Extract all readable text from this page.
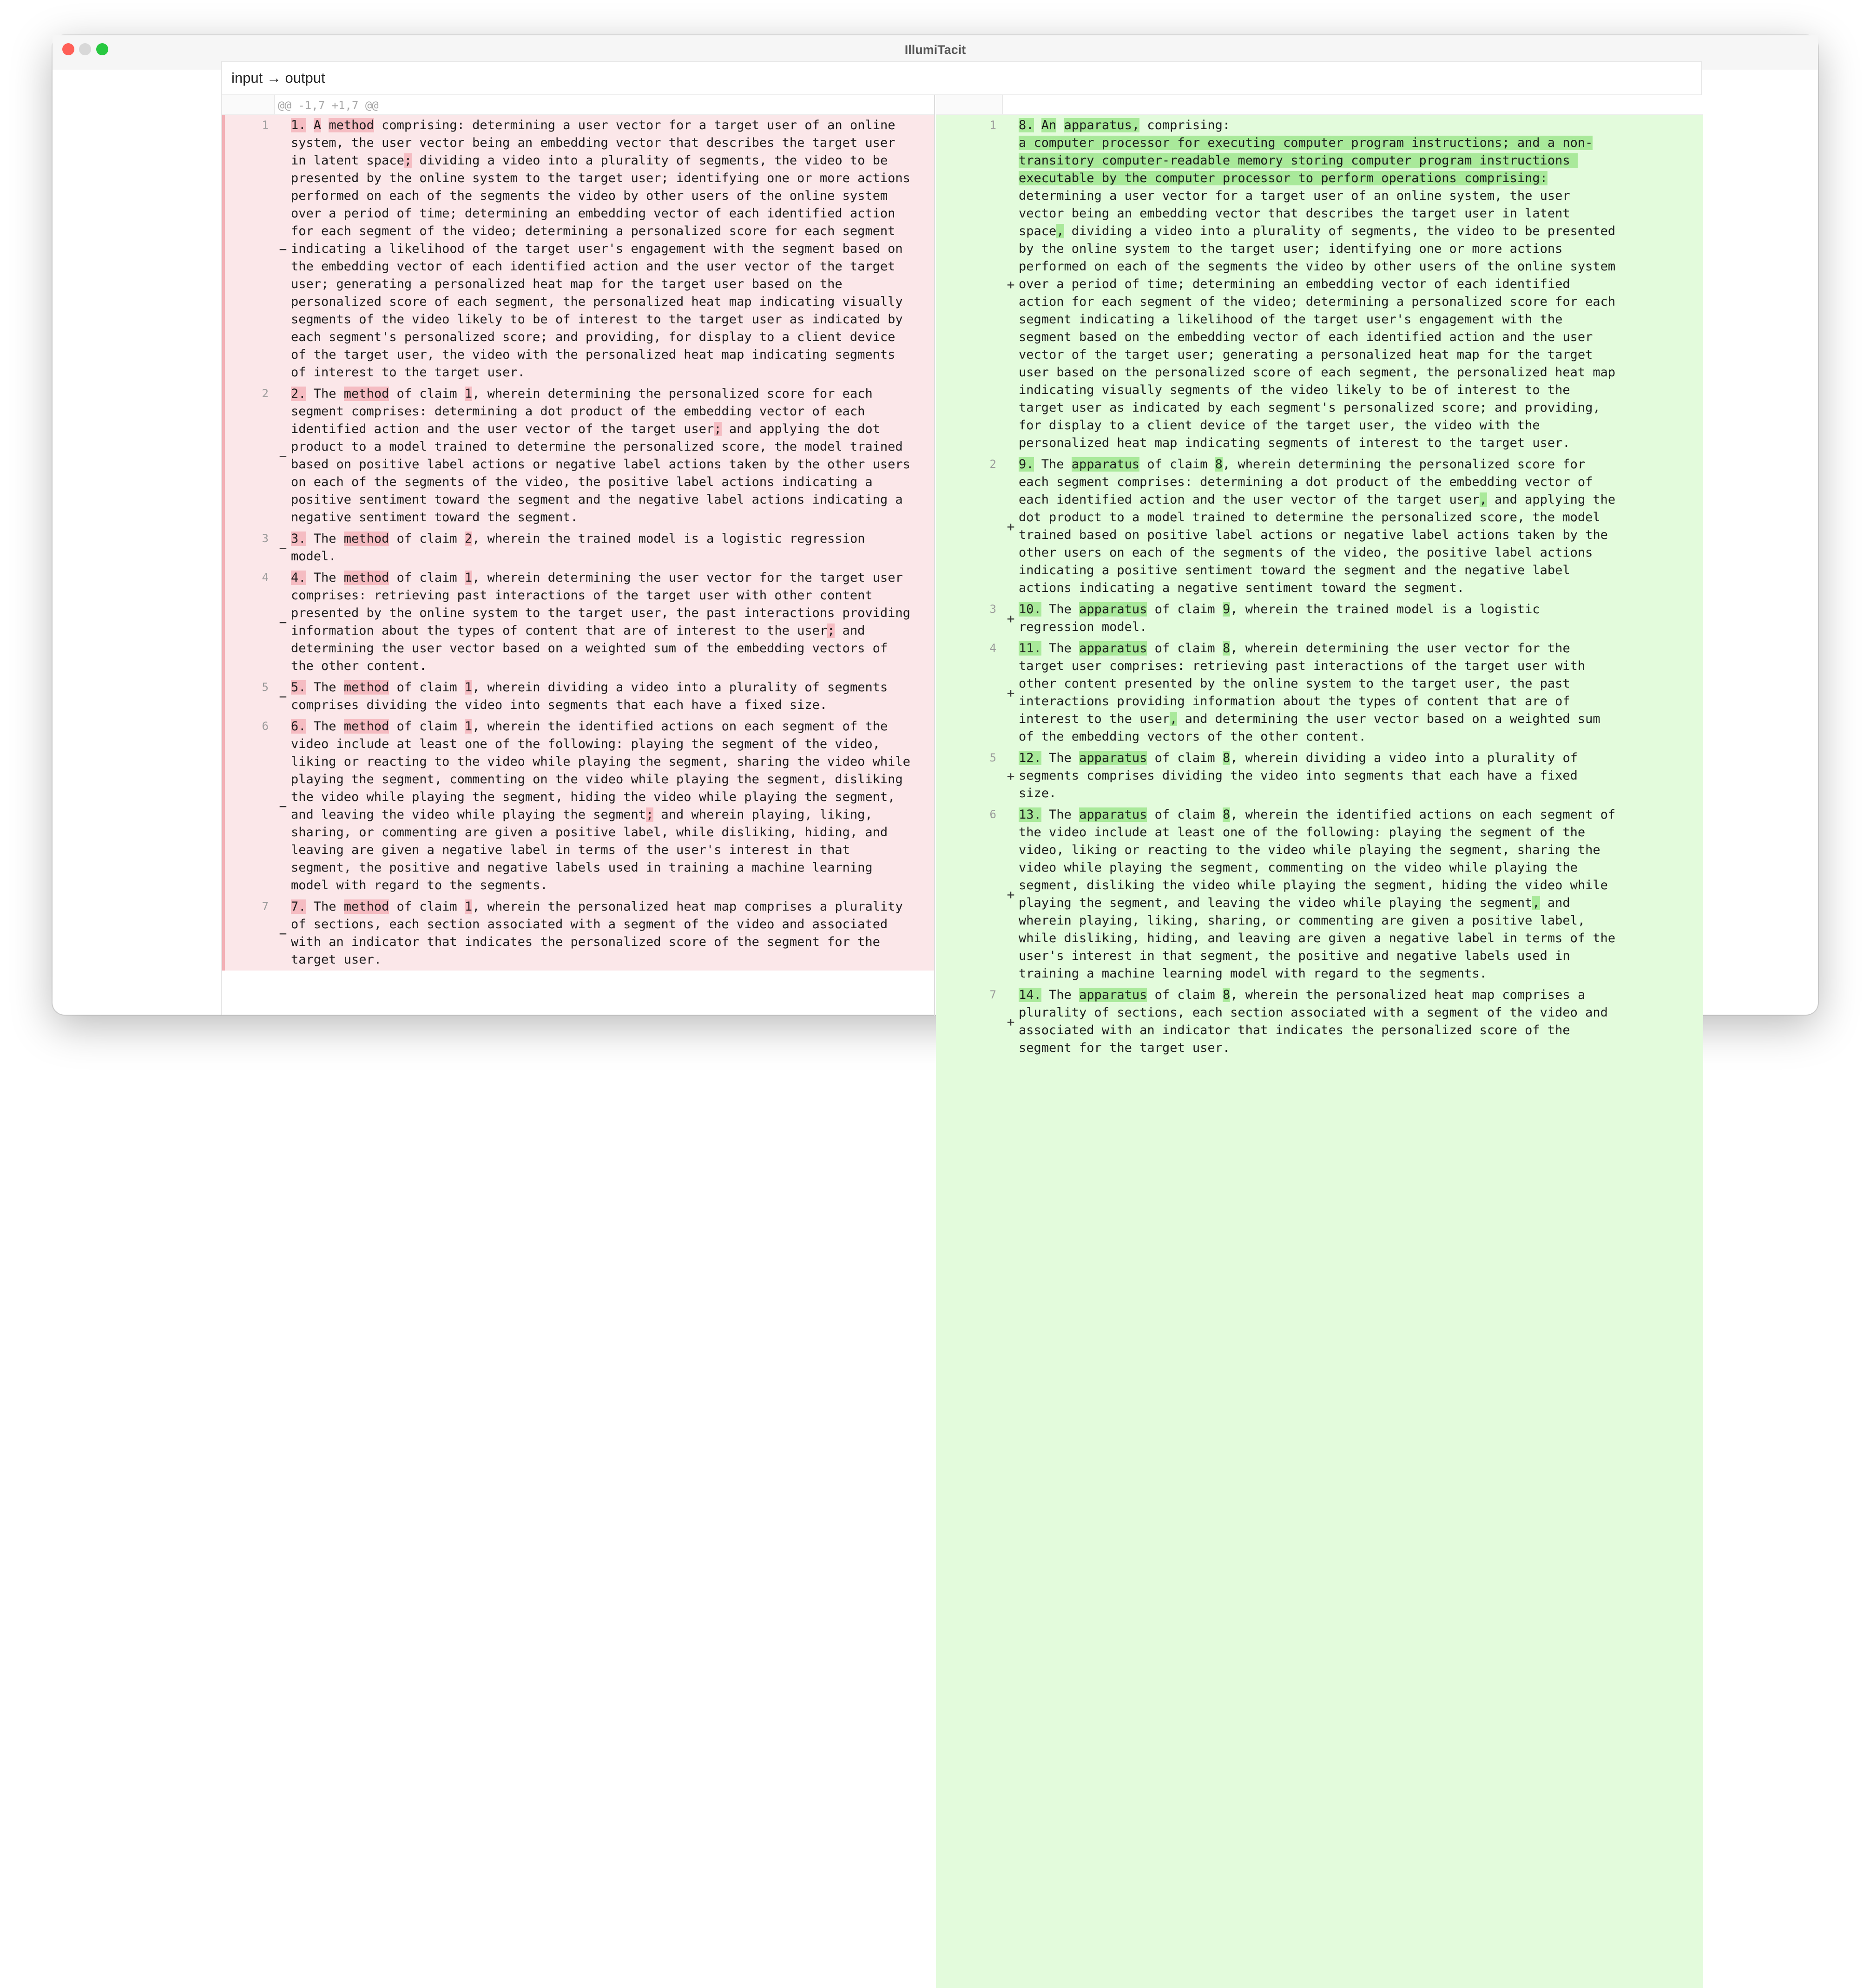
IllumiTacit
input → output
@@ -1,7 +1,7 @@
1
−
1. A method comprising: determining a user vector for a target user of an online system, the user vector being an embedding vector that describes the target user in latent space; dividing a video into a plurality of segments, the video to be presented by the online system to the target user; identifying one or more actions performed on each of the segments the video by other users of the online system over a period of time; determining an embedding vector of each identified action for each segment of the video; determining a personalized score for each segment indicating a likelihood of the target user's engagement with the segment based on the embedding vector of each identified action and the user vector of the target user; generating a personalized heat map for the target user based on the personalized score of each segment, the personalized heat map indicating visually segments of the video likely to be of interest to the target user as indicated by each segment's personalized score; and providing, for display to a client device of the target user, the video with the personalized heat map indicating segments of interest to the target user.
2
−
2. The method of claim 1, wherein determining the personalized score for each segment comprises: determining a dot product of the embedding vector of each identified action and the user vector of the target user; and applying the dot product to a model trained to determine the personalized score, the model trained based on positive label actions or negative label actions taken by the other users on each of the segments of the video, the positive label actions indicating a positive sentiment toward the segment and the negative label actions indicating a negative sentiment toward the segment.
3
−
3. The method of claim 2, wherein the trained model is a logistic regression model.
4
−
4. The method of claim 1, wherein determining the user vector for the target user comprises: retrieving past interactions of the target user with other content presented by the online system to the target user, the past interactions providing information about the types of content that are of interest to the user; and determining the user vector based on a weighted sum of the embedding vectors of the other content.
5
−
5. The method of claim 1, wherein dividing a video into a plurality of segments comprises dividing the video into segments that each have a fixed size.
6
−
6. The method of claim 1, wherein the identified actions on each segment of the video include at least one of the following: playing the segment of the video, liking or reacting to the video while playing the segment, sharing the video while playing the segment, commenting on the video while playing the segment, disliking the video while playing the segment, hiding the video while playing the segment, and leaving the video while playing the segment; and wherein playing, liking, sharing, or commenting are given a positive label, while disliking, hiding, and leaving are given a negative label in terms of the user's interest in that segment, the positive and negative labels used in training a machine learning model with regard to the segments.
7
−
7. The method of claim 1, wherein the personalized heat map comprises a plurality of sections, each section associated with a segment of the video and associated with an indicator that indicates the personalized score of the segment for the target user.
1
+
8. An apparatus, comprising:
a computer processor for executing computer program instructions; and a non-transitory computer-readable memory storing computer program instructions executable by the computer processor to perform operations comprising:
determining a user vector for a target user of an online system, the user vector being an embedding vector that describes the target user in latent space, dividing a video into a plurality of segments, the video to be presented by the online system to the target user; identifying one or more actions performed on each of the segments the video by other users of the online system over a period of time; determining an embedding vector of each identified action for each segment of the video; determining a personalized score for each segment indicating a likelihood of the target user's engagement with the segment based on the embedding vector of each identified action and the user vector of the target user; generating a personalized heat map for the target user based on the personalized score of each segment, the personalized heat map indicating visually segments of the video likely to be of interest to the target user as indicated by each segment's personalized score; and providing, for display to a client device of the target user, the video with the personalized heat map indicating segments of interest to the target user.
2
+
9. The apparatus of claim 8, wherein determining the personalized score for each segment comprises: determining a dot product of the embedding vector of each identified action and the user vector of the target user, and applying the dot product to a model trained to determine the personalized score, the model trained based on positive label actions or negative label actions taken by the other users on each of the segments of the video, the positive label actions indicating a positive sentiment toward the segment and the negative label actions indicating a negative sentiment toward the segment.
3
+
10. The apparatus of claim 9, wherein the trained model is a logistic regression model.
4
+
11. The apparatus of claim 8, wherein determining the user vector for the target user comprises: retrieving past interactions of the target user with other content presented by the online system to the target user, the past interactions providing information about the types of content that are of interest to the user, and determining the user vector based on a weighted sum of the embedding vectors of the other content.
5
+
12. The apparatus of claim 8, wherein dividing a video into a plurality of segments comprises dividing the video into segments that each have a fixed size.
6
+
13. The apparatus of claim 8, wherein the identified actions on each segment of the video include at least one of the following: playing the segment of the video, liking or reacting to the video while playing the segment, sharing the video while playing the segment, commenting on the video while playing the segment, disliking the video while playing the segment, hiding the video while playing the segment, and leaving the video while playing the segment, and wherein playing, liking, sharing, or commenting are given a positive label, while disliking, hiding, and leaving are given a negative label in terms of the user's interest in that segment, the positive and negative labels used in training a machine learning model with regard to the segments.
7
+
14. The apparatus of claim 8, wherein the personalized heat map comprises a plurality of sections, each section associated with a segment of the video and associated with an indicator that indicates the personalized score of the segment for the target user.
